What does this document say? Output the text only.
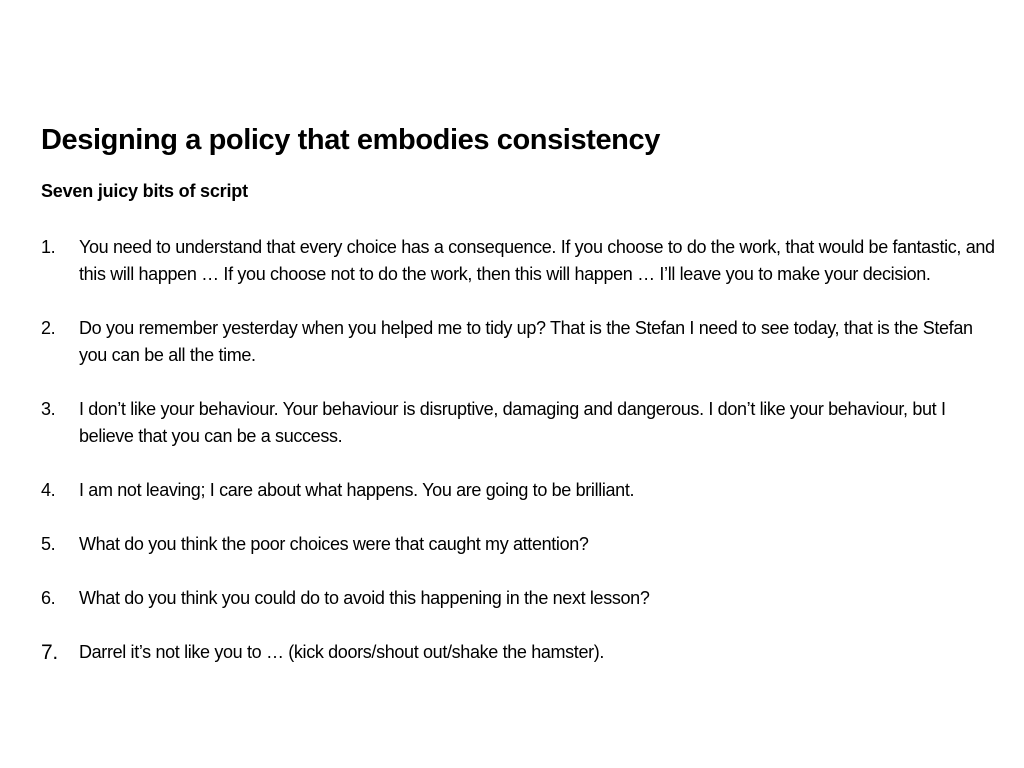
Designing a policy that embodies consistency
Seven juicy bits of script
1.	You need to understand that every choice has a consequence. If you choose to do the work, that would be fantastic, and this will happen … If you choose not to do the work, then this will happen … I’ll leave you to make your decision.
2.	Do you remember yesterday when you helped me to tidy up? That is the Stefan I need to see today, that is the Stefan you can be all the time.
3.	I don’t like your behaviour. Your behaviour is disruptive, damaging and dangerous. I don’t like your behaviour, but I believe that you can be a success.
4.	I am not leaving; I care about what happens. You are going to be brilliant.
5.	What do you think the poor choices were that caught my attention?
6.	What do you think you could do to avoid this happening in the next lesson?
7.	Darrel it’s not like you to … (kick doors/shout out/shake the hamster).
